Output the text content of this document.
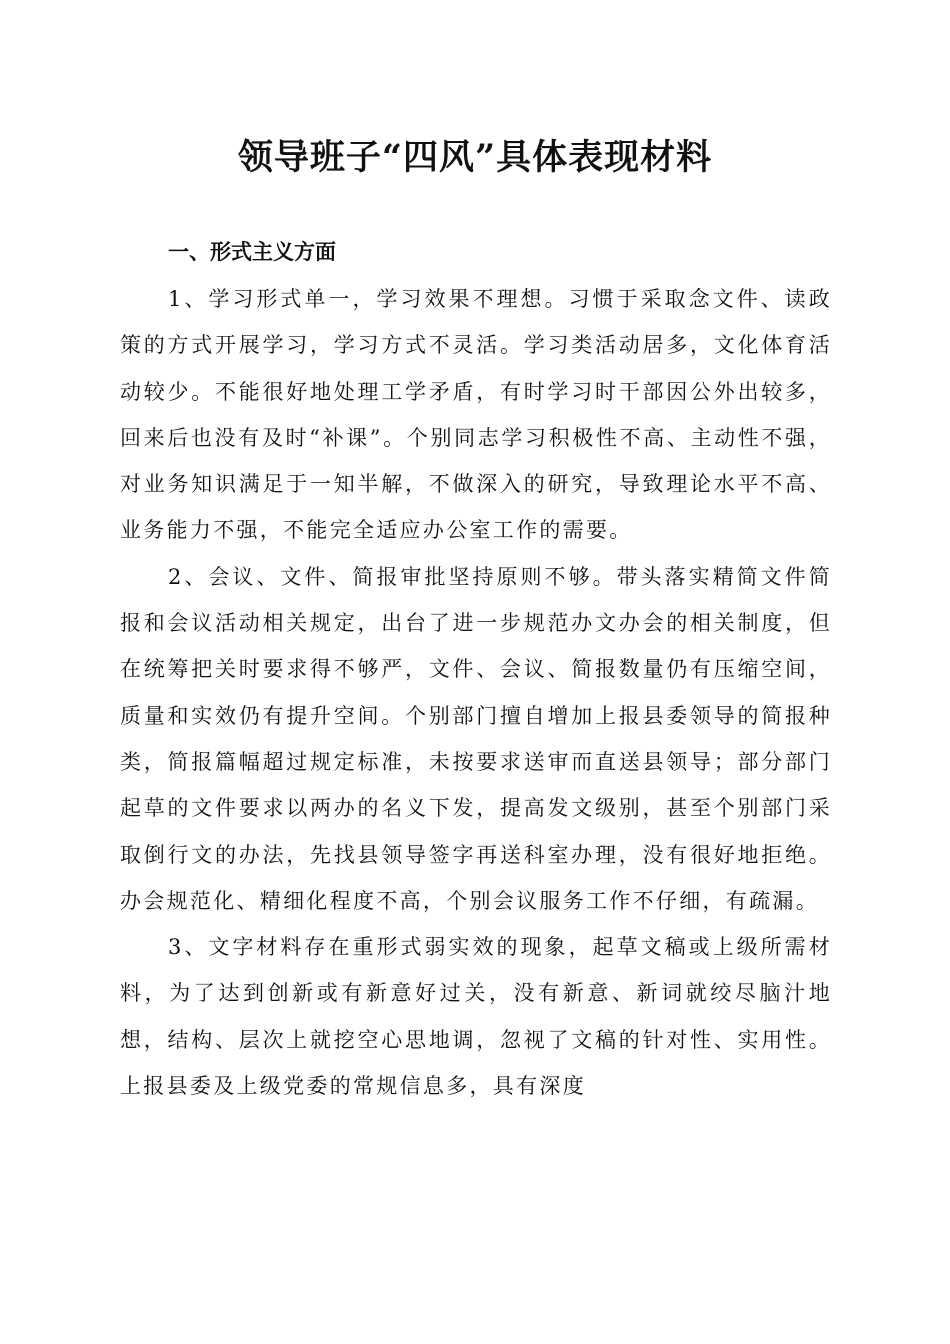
领导班子“四风”具体表现材料
一、形式主义方面

1、学习形式单一，学习效果不理想。习惯于采取念文件、读政策的方式开展学习，学习方式不灵活。学习类活动居多，文化体育活动较少。不能很好地处理工学矛盾，有时学习时干部因公外出较多，回来后也没有及时“补课”。个别同志学习积极性不高、主动性不强，对业务知识满足于一知半解，不做深入的研究，导致理论水平不高、业务能力不强，不能完全适应办公室工作的需要。

2、会议、文件、简报审批坚持原则不够。带头落实精简文件简报和会议活动相关规定，出台了进一步规范办文办会的相关制度，但在统筹把关时要求得不够严，文件、会议、简报数量仍有压缩空间，质量和实效仍有提升空间。个别部门擅自增加上报县委领导的简报种类，简报篇幅超过规定标准，未按要求送审而直送县领导；部分部门起草的文件要求以两办的名义下发，提高发文级别，甚至个别部门采取倒行文的办法，先找县领导签字再送科室办理，没有很好地拒绝。办会规范化、精细化程度不高，个别会议服务工作不仔细，有疏漏。

3、文字材料存在重形式弱实效的现象，起草文稿或上级所需材料，为了达到创新或有新意好过关，没有新意、新词就绞尽脑汁地想，结构、层次上就挖空心思地调，忽视了文稿的针对性、实用性。上报县委及上级党委的常规信息多，具有深度
